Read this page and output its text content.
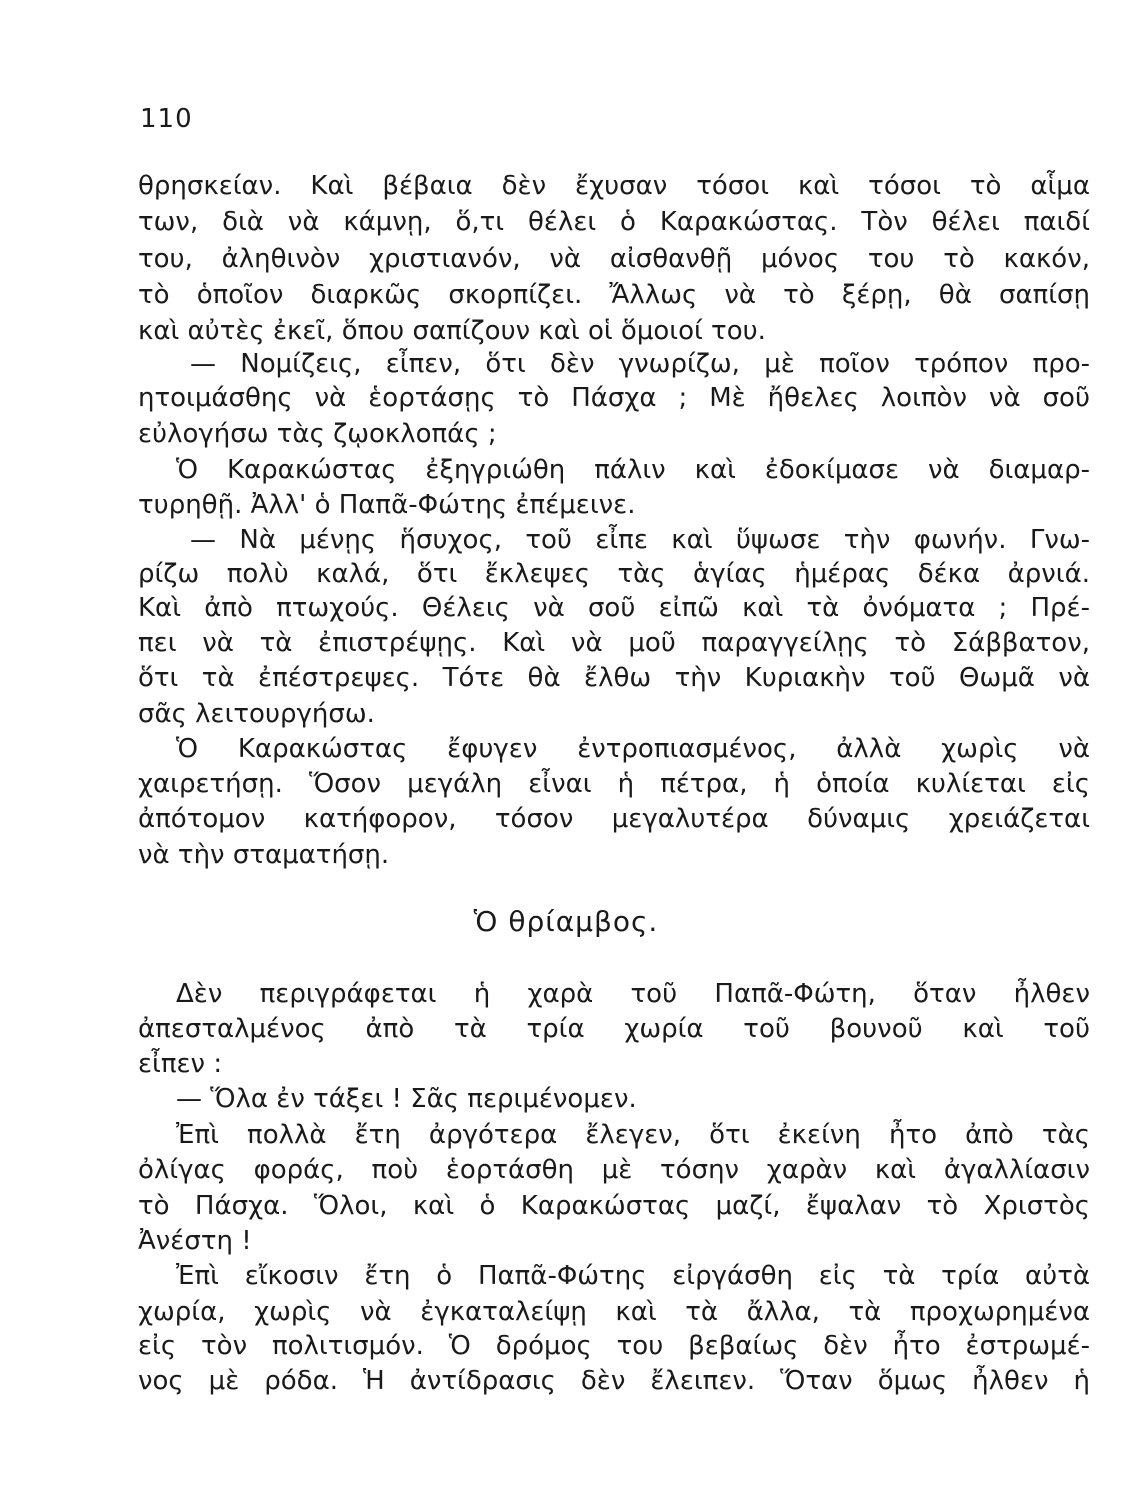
110
θρησκείαν. Καὶ βέβαια δὲν ἔχυσαν τόσοι καὶ τόσοι τὸ αἷμα
των, διὰ νὰ κάμνῃ, ὅ,τι θέλει ὁ Καρακώστας. Τὸν θέλει παιδί
του, ἀληθινὸν χριστιανόν, νὰ αἰσθανθῇ μόνος του τὸ κακόν,
τὸ ὁποῖον διαρκῶς σκορπίζει. Ἄλλως νὰ τὸ ξέρῃ, θὰ σαπίσῃ
καὶ αὐτὲς ἐκεῖ, ὅπου σαπίζουν καὶ οἱ ὅμοιοί του.
— Νομίζεις, εἶπεν, ὅτι δὲν γνωρίζω, μὲ ποῖον τρόπον προ-
ητοιμάσθης νὰ ἑορτάσῃς τὸ Πάσχα ; Μὲ ἤθελες λοιπὸν νὰ σοῦ
εὐλογήσω τὰς ζῳοκλοπάς ;
Ὁ Καρακώστας ἐξηγριώθη πάλιν καὶ ἐδοκίμασε νὰ διαμαρ-
τυρηθῇ. Ἀλλ' ὁ Παπᾶ-Φώτης ἐπέμεινε.
— Νὰ μένῃς ἥσυχος, τοῦ εἶπε καὶ ὕψωσε τὴν φωνήν. Γνω-
ρίζω πολὺ καλά, ὅτι ἔκλεψες τὰς ἁγίας ἡμέρας δέκα ἀρνιά.
Καὶ ἀπὸ πτωχούς. Θέλεις νὰ σοῦ εἰπῶ καὶ τὰ ὀνόματα ; Πρέ-
πει νὰ τὰ ἐπιστρέψῃς. Καὶ νὰ μοῦ παραγγείλῃς τὸ Σάββατον,
ὅτι τὰ ἐπέστρεψες. Τότε θὰ ἔλθω τὴν Κυριακὴν τοῦ Θωμᾶ νὰ
σᾶς λειτουργήσω.
Ὁ Καρακώστας ἔφυγεν ἐντροπιασμένος, ἀλλὰ χωρὶς νὰ
χαιρετήσῃ. Ὅσον μεγάλη εἶναι ἡ πέτρα, ἡ ὁποία κυλίεται εἰς
ἀπότομον κατήφορον, τόσον μεγαλυτέρα δύναμις χρειάζεται
νὰ τὴν σταματήσῃ.
Ὁ θρίαμβος.
Δὲν περιγράφεται ἡ χαρὰ τοῦ Παπᾶ-Φώτη, ὅταν ἦλθεν
ἀπεσταλμένος ἀπὸ τὰ τρία χωρία τοῦ βουνοῦ καὶ τοῦ
εἶπεν :
— Ὅλα ἐν τάξει ! Σᾶς περιμένομεν.
Ἐπὶ πολλὰ ἔτη ἀργότερα ἔλεγεν, ὅτι ἐκείνη ἦτο ἀπὸ τὰς
ὀλίγας φοράς, ποὺ ἑορτάσθη μὲ τόσην χαρὰν καὶ ἀγαλλίασιν
τὸ Πάσχα. Ὅλοι, καὶ ὁ Καρακώστας μαζί, ἔψαλαν τὸ Χριστὸς
Ἀνέστη !
Ἐπὶ εἴκοσιν ἔτη ὁ Παπᾶ-Φώτης εἰργάσθη εἰς τὰ τρία αὐτὰ
χωρία, χωρὶς νὰ ἐγκαταλείψῃ καὶ τὰ ἄλλα, τὰ προχωρημένα
εἰς τὸν πολιτισμόν. Ὁ δρόμος του βεβαίως δὲν ἦτο ἐστρωμέ-
νος μὲ ρόδα. Ἡ ἀντίδρασις δὲν ἔλειπεν. Ὅταν ὅμως ἦλθεν ἡ
